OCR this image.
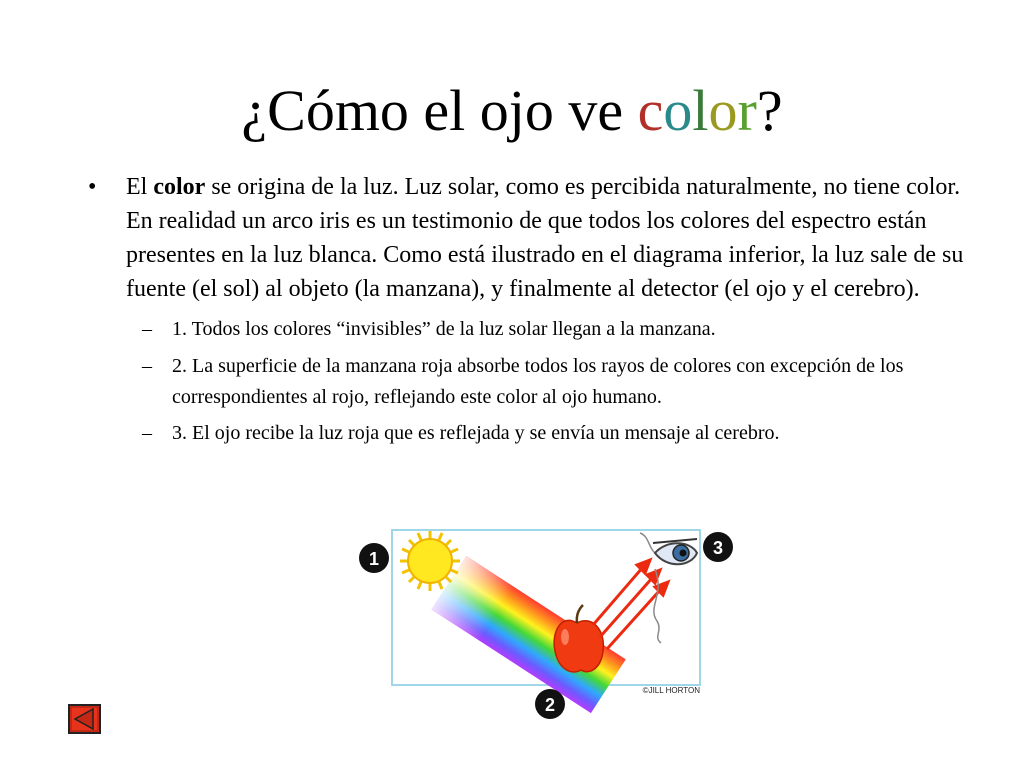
¿Cómo el ojo ve color?
• El color se origina de la luz. Luz solar, como es percibida naturalmente, no tiene color. En realidad un arco iris es un testimonio de que todos los colores del espectro están presentes en la luz blanca. Como está ilustrado en el diagrama inferior, la luz sale de su fuente (el sol) al objeto (la manzana), y finalmente al detector (el ojo y el cerebro).
– 1. Todos los colores “invisibles” de la luz solar llegan a la manzana.
– 2. La superficie de la manzana roja absorbe todos los rayos de colores con excepción de los correspondientes al rojo, reflejando este color al ojo humano.
– 3. El ojo recibe la luz roja que es reflejada y se envía un mensaje al cerebro.
1
2
3
©JILL HORTON
